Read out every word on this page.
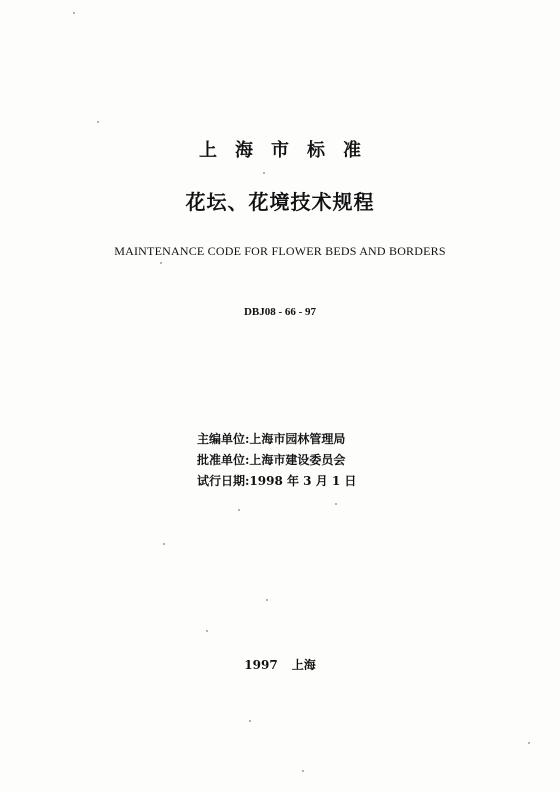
上海市标准
花坛、花境技术规程
MAINTENANCE CODE FOR FLOWER BEDS AND BORDERS
DBJ08 - 66 - 97
主编单位:上海市园林管理局
批准单位:上海市建设委员会
试行日期:1998 年 3 月 1 日
1997 上海
